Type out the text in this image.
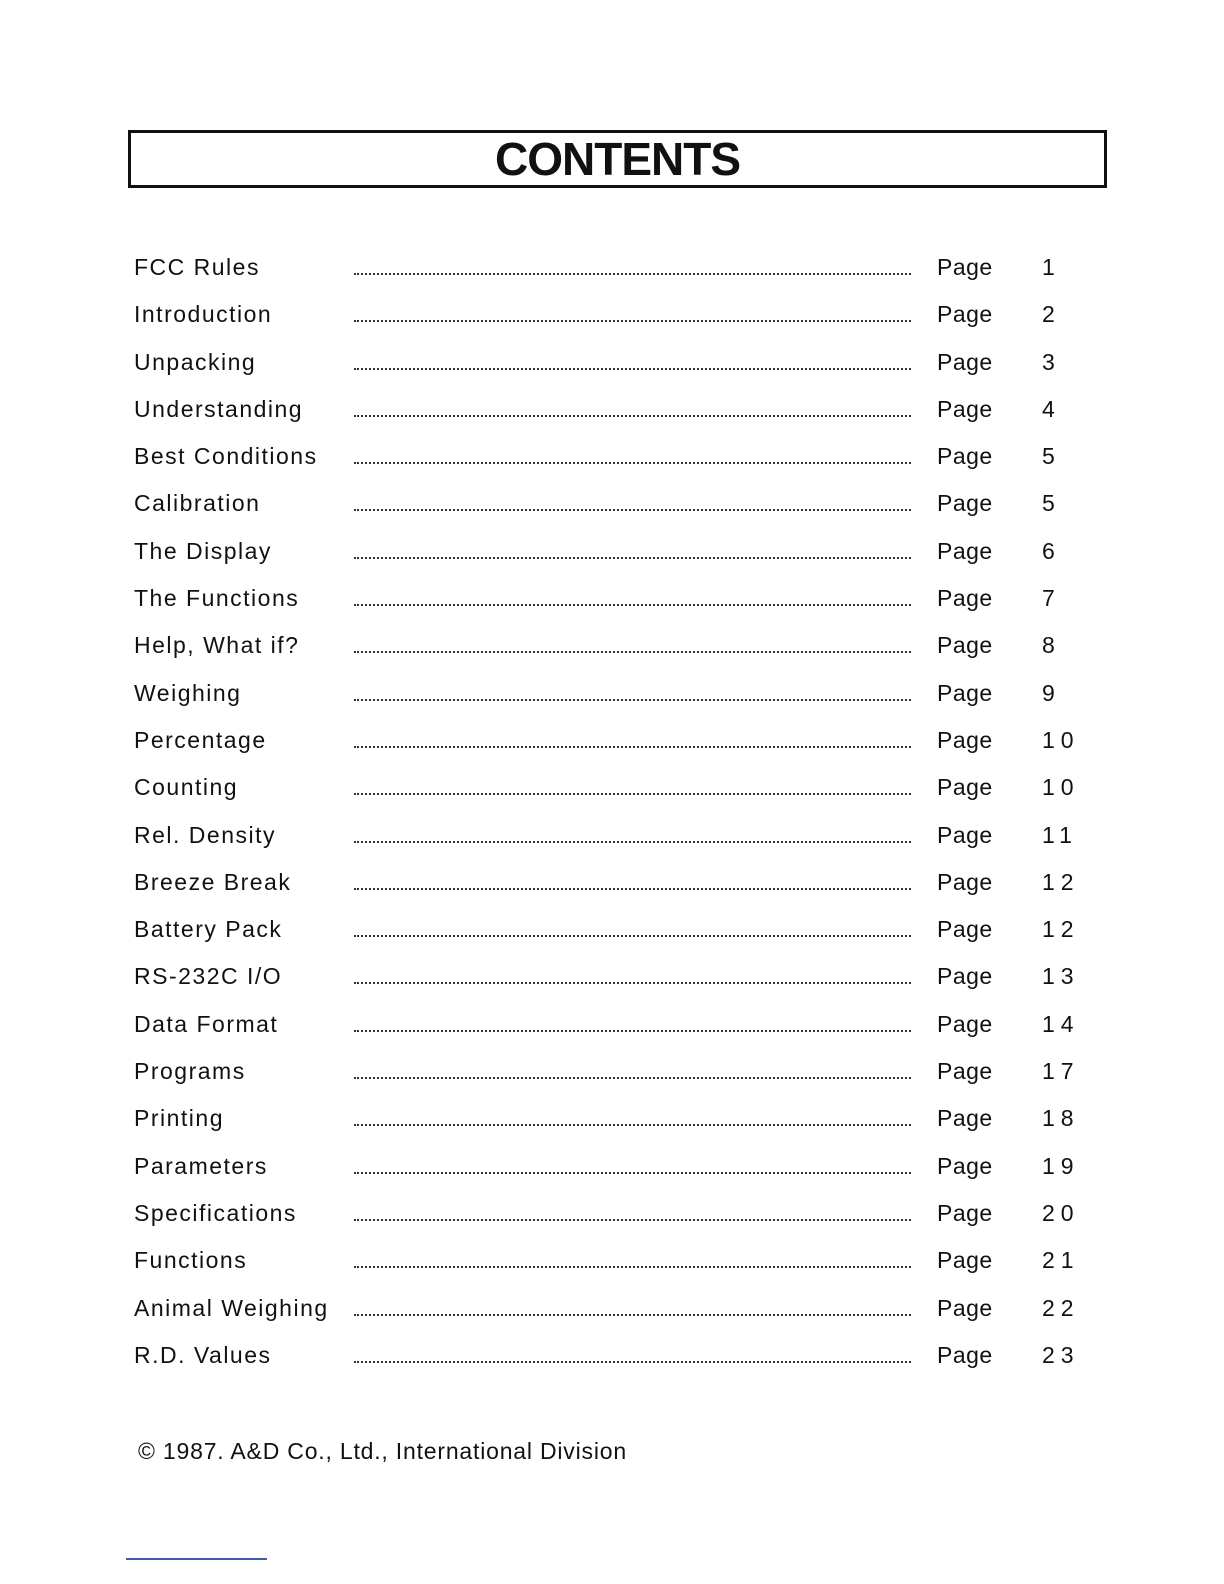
CONTENTS
FCC Rules	Page 1
Introduction	Page 2
Unpacking	Page 3
Understanding	Page 4
Best Conditions	Page 5
Calibration	Page 5
The Display	Page 6
The Functions	Page 7
Help, What if?	Page 8
Weighing	Page 9
Percentage	Page 10
Counting	Page 10
Rel. Density	Page 11
Breeze Break	Page 12
Battery Pack	Page 12
RS-232C I/O	Page 13
Data Format	Page 14
Programs	Page 17
Printing	Page 18
Parameters	Page 19
Specifications	Page 20
Functions	Page 21
Animal Weighing	Page 22
R.D. Values	Page 23
© 1987. A&D Co., Ltd., International Division
